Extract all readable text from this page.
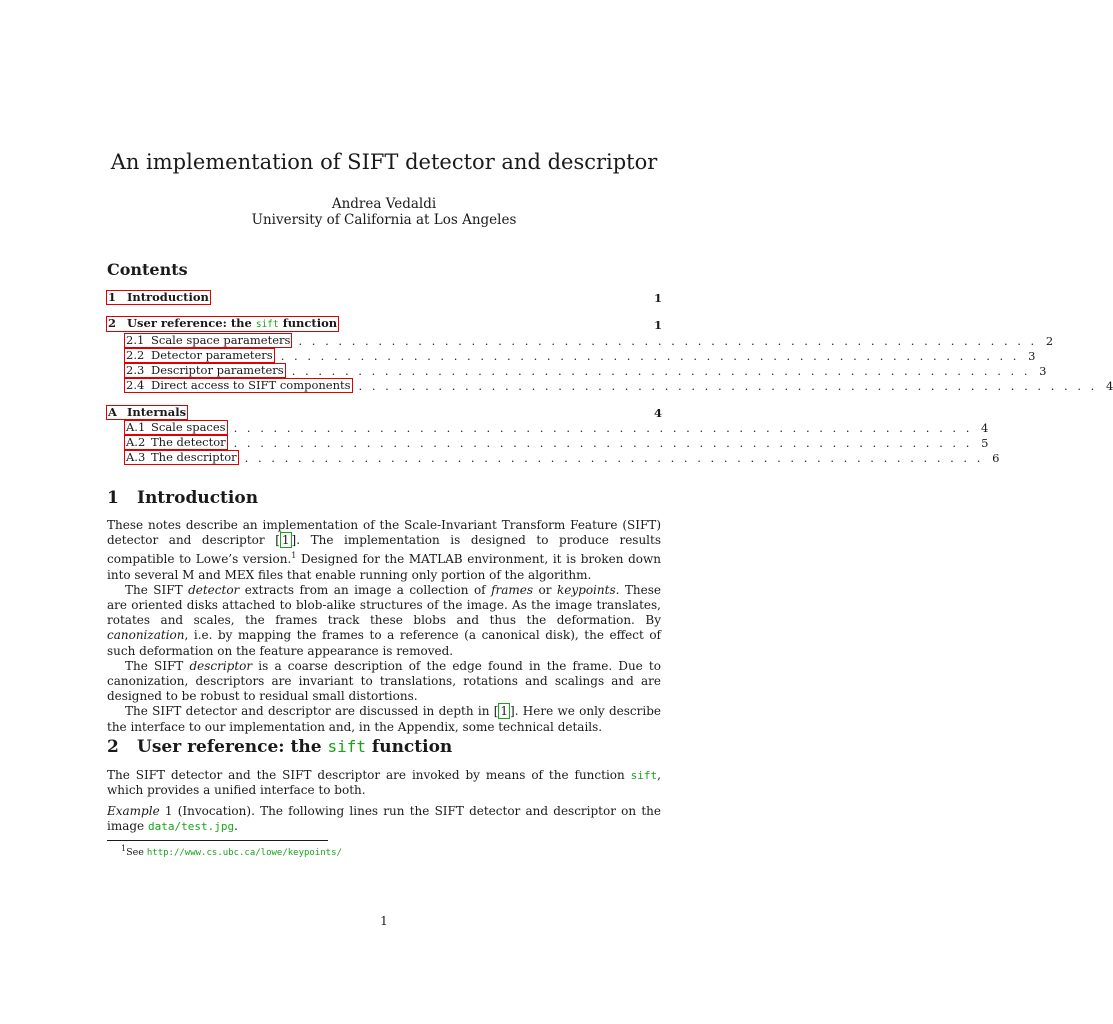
An implementation of SIFT detector and descriptor
Andrea Vedaldi
University of California at Los Angeles
Contents
1 Introduction	1
2 User reference: the sift function	1
2.1 Scale space parameters . . . . . . . . . . . . . . . . . . . . . . . . . . . . . . . . . . . . . . . . . . . . . . . . . . . . . . . . 2
2.2 Detector parameters . . . . . . . . . . . . . . . . . . . . . . . . . . . . . . . . . . . . . . . . . . . . . . . . . . . . . . . . 3
2.3 Descriptor parameters . . . . . . . . . . . . . . . . . . . . . . . . . . . . . . . . . . . . . . . . . . . . . . . . . . . . . . . . 3
2.4 Direct access to SIFT components . . . . . . . . . . . . . . . . . . . . . . . . . . . . . . . . . . . . . . . . . . . . . . . . . . . . . . . . 4
A Internals	4
A.1 Scale spaces . . . . . . . . . . . . . . . . . . . . . . . . . . . . . . . . . . . . . . . . . . . . . . . . . . . . . . . . 4
A.2 The detector . . . . . . . . . . . . . . . . . . . . . . . . . . . . . . . . . . . . . . . . . . . . . . . . . . . . . . . . 5
A.3 The descriptor . . . . . . . . . . . . . . . . . . . . . . . . . . . . . . . . . . . . . . . . . . . . . . . . . . . . . . . . 6
1 Introduction

These notes describe an implementation of the Scale-Invariant Transform Feature (SIFT) detector and descriptor [ 1 ]. The implementation is designed to produce results compatible to Lowe’s version.$^1$ Designed for the MATLAB environment, it is broken down into several M and MEX files that enable running only portion of the algorithm.

The SIFT detector extracts from an image a collection of frames or keypoints. These are oriented disks attached to blob-alike structures of the image. As the image translates, rotates and scales, the frames track these blobs and thus the deformation. By canonization, i.e. by mapping the frames to a reference (a canonical disk), the effect of such deformation on the feature appearance is removed.

The SIFT descriptor is a coarse description of the edge found in the frame. Due to canonization, descriptors are invariant to translations, rotations and scalings and are designed to be robust to residual small distortions.

The SIFT detector and descriptor are discussed in depth in [ 1 ]. Here we only describe the interface to our implementation and, in the Appendix, some technical details.

2 User reference: the sift function

The SIFT detector and the SIFT descriptor are invoked by means of the function sift, which provides a unified interface to both.

Example 1 (Invocation). The following lines run the SIFT detector and descriptor on the image data/test.jpg.

$^1$See http://www.cs.ubc.ca/lowe/keypoints/
1
